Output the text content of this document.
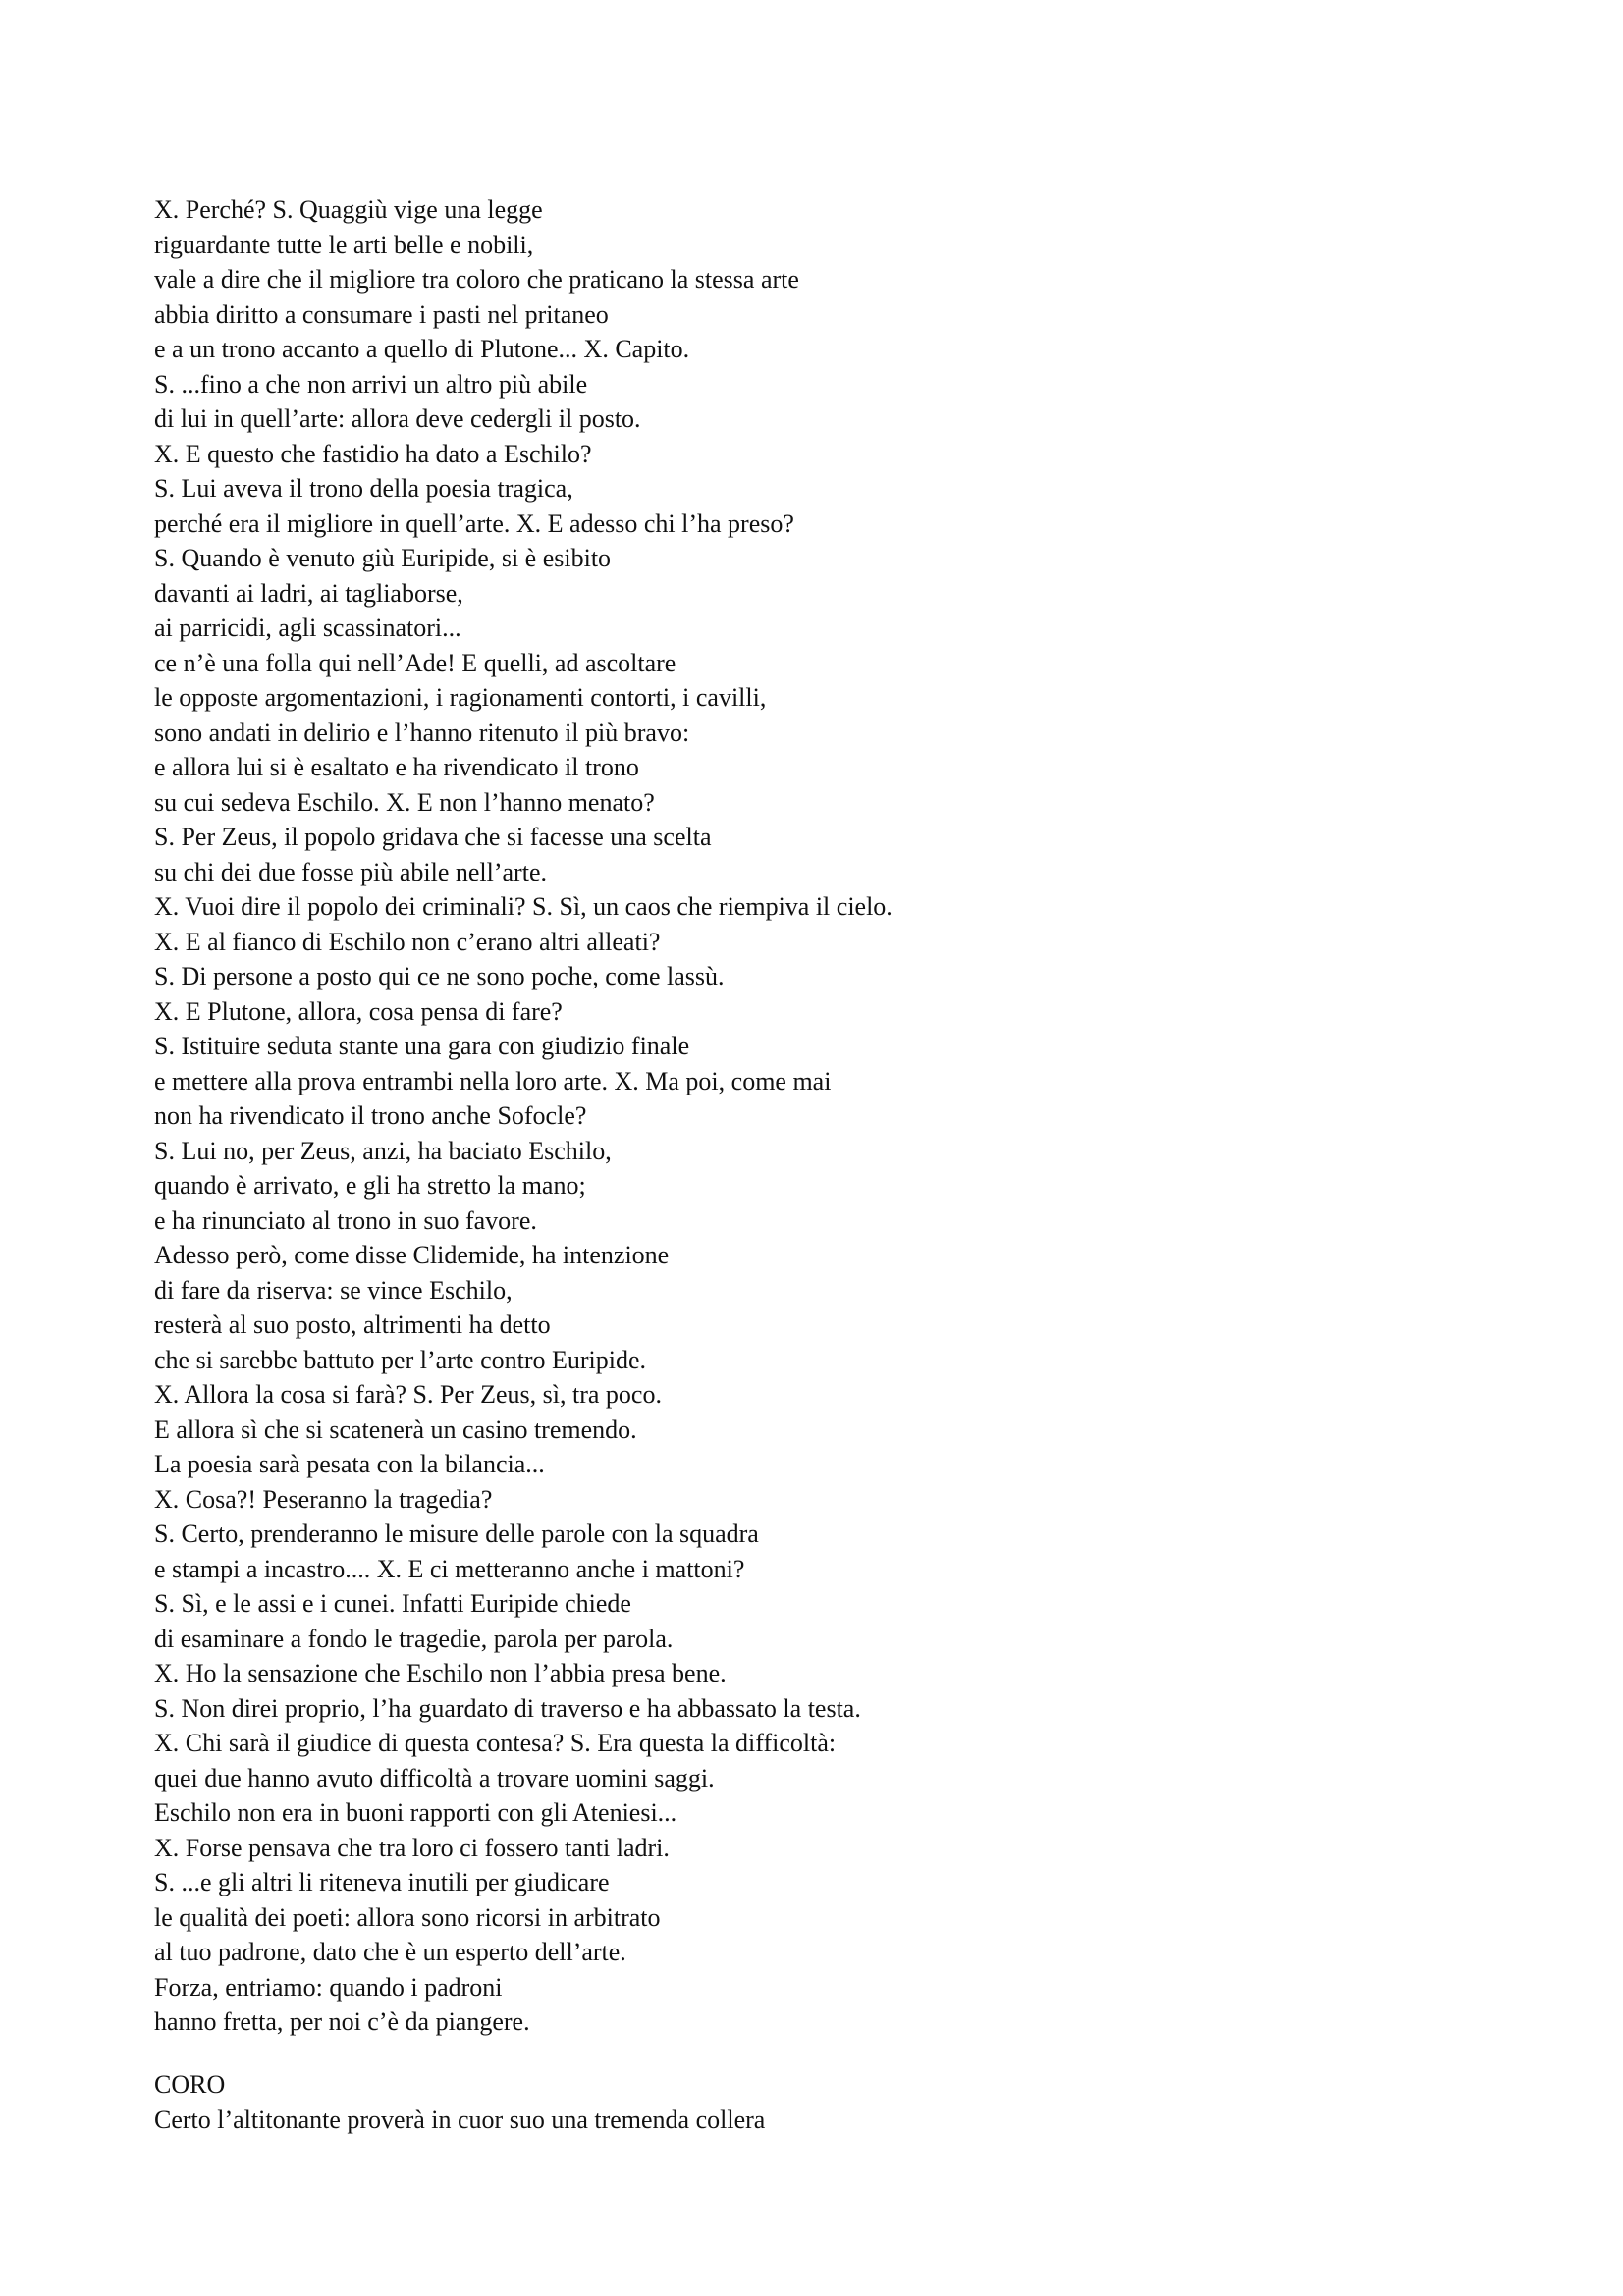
X. Perché? S. Quaggiù vige una legge
riguardante tutte le arti belle e nobili,
vale a dire che il migliore tra coloro che praticano la stessa arte
abbia diritto a consumare i pasti nel pritaneo
e a un trono accanto a quello di Plutone... X. Capito.
S. ...fino a che non arrivi un altro più abile
di lui in quell’arte: allora deve cedergli il posto.
X. E questo che fastidio ha dato a Eschilo?
S. Lui aveva il trono della poesia tragica,
perché era il migliore in quell’arte. X. E adesso chi l’ha preso?
S. Quando è venuto giù Euripide, si è esibito
davanti ai ladri, ai tagliaborse,
ai parricidi, agli scassinatori...
ce n’è una folla qui nell’Ade! E quelli, ad ascoltare
le opposte argomentazioni, i ragionamenti contorti, i cavilli,
sono andati in delirio e l’hanno ritenuto il più bravo:
e allora lui si è esaltato e ha rivendicato il trono
su cui sedeva Eschilo. X. E non l’hanno menato?
S. Per Zeus, il popolo gridava che si facesse una scelta
su chi dei due fosse più abile nell’arte.
X. Vuoi dire il popolo dei criminali? S. Sì, un caos che riempiva il cielo.
X. E al fianco di Eschilo non c’erano altri alleati?
S. Di persone a posto qui ce ne sono poche, come lassù.
X. E Plutone, allora, cosa pensa di fare?
S. Istituire seduta stante una gara con giudizio finale
e mettere alla prova entrambi nella loro arte. X. Ma poi, come mai
non ha rivendicato il trono anche Sofocle?
S. Lui no, per Zeus, anzi, ha baciato Eschilo,
quando è arrivato, e gli ha stretto la mano;
e ha rinunciato al trono in suo favore.
Adesso però, come disse Clidemide, ha intenzione
di fare da riserva: se vince Eschilo,
resterà al suo posto, altrimenti ha detto
che si sarebbe battuto per l’arte contro Euripide.
X. Allora la cosa si farà? S. Per Zeus, sì, tra poco.
E allora sì che si scatenerà un casino tremendo.
La poesia sarà pesata con la bilancia...
X. Cosa?! Peseranno la tragedia?
S. Certo, prenderanno le misure delle parole con la squadra
e stampi a incastro.... X. E ci metteranno anche i mattoni?
S. Sì, e le assi e i cunei. Infatti Euripide chiede
di esaminare a fondo le tragedie, parola per parola.
X. Ho la sensazione che Eschilo non l’abbia presa bene.
S. Non direi proprio, l’ha guardato di traverso e ha abbassato la testa.
X. Chi sarà il giudice di questa contesa? S. Era questa la difficoltà:
quei due hanno avuto difficoltà a trovare uomini saggi.
Eschilo non era in buoni rapporti con gli Ateniesi...
X. Forse pensava che tra loro ci fossero tanti ladri.
S. ...e gli altri li riteneva inutili per giudicare
le qualità dei poeti: allora sono ricorsi in arbitrato
al tuo padrone, dato che è un esperto dell’arte.
Forza, entriamo: quando i padroni
hanno fretta, per noi c’è da piangere.
CORO
Certo l’altitonante proverà in cuor suo una tremenda collera
